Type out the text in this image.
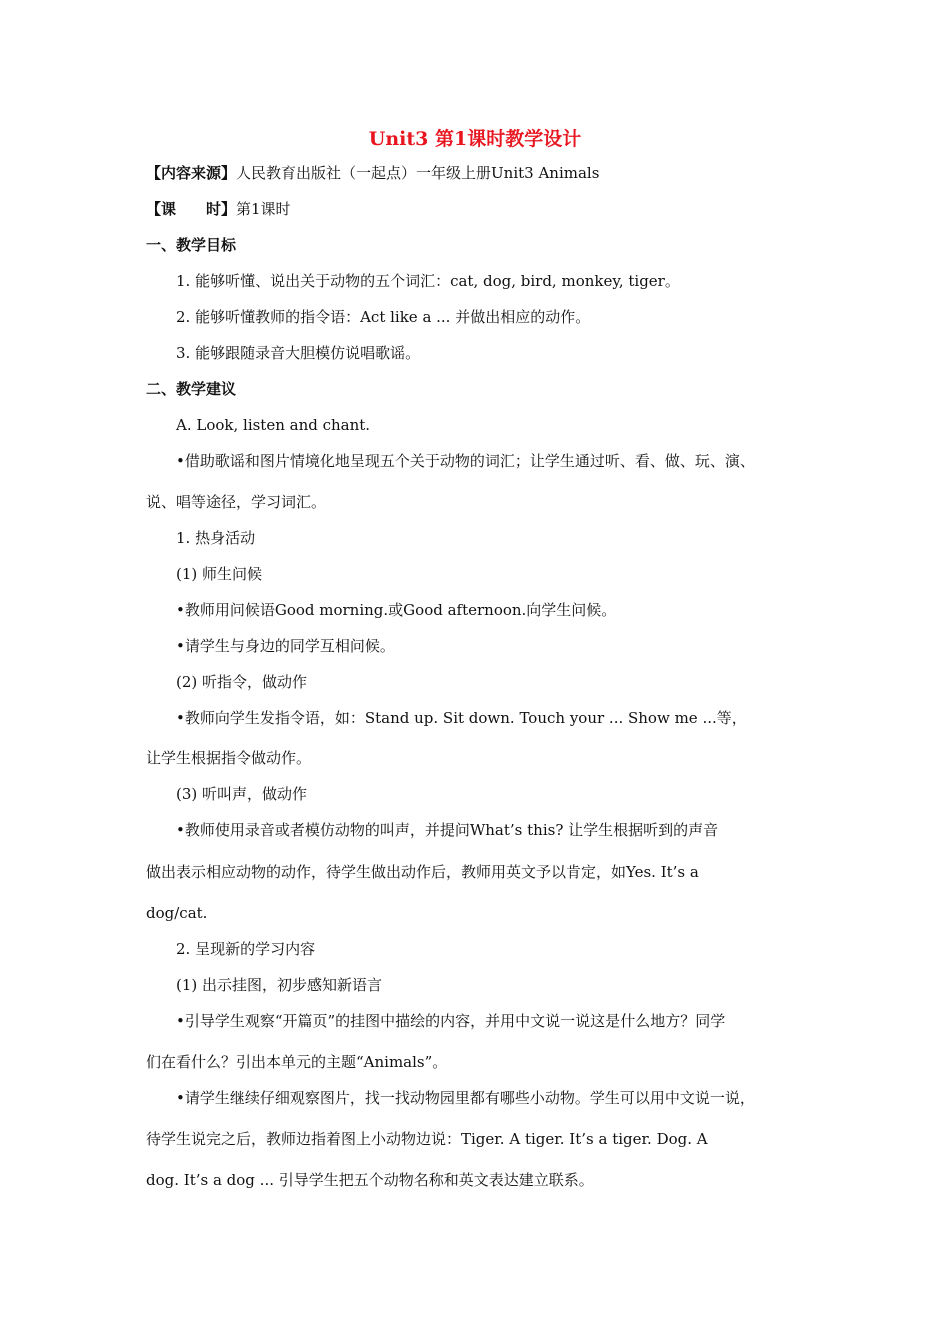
Unit3 第1课时教学设计
【内容来源】人民教育出版社（一起点）一年级上册Unit3 Animals
【课　　时】第1课时
一、教学目标
1. 能够听懂、说出关于动物的五个词汇：cat, dog, bird, monkey, tiger。
2. 能够听懂教师的指令语：Act like a ... 并做出相应的动作。
3. 能够跟随录音大胆模仿说唱歌谣。
二、教学建议
A. Look, listen and chant.
•借助歌谣和图片情境化地呈现五个关于动物的词汇；让学生通过听、看、做、玩、演、
说、唱等途径，学习词汇。
1. 热身活动
(1) 师生问候
•教师用问候语Good morning.或Good afternoon.向学生问候。
•请学生与身边的同学互相问候。
(2) 听指令，做动作
•教师向学生发指令语，如：Stand up. Sit down. Touch your ... Show me ...等，
让学生根据指令做动作。
(3) 听叫声，做动作
•教师使用录音或者模仿动物的叫声，并提问What’s this? 让学生根据听到的声音
做出表示相应动物的动作，待学生做出动作后，教师用英文予以肯定，如Yes. It’s a
dog/cat.
2. 呈现新的学习内容
(1) 出示挂图，初步感知新语言
•引导学生观察“开篇页”的挂图中描绘的内容，并用中文说一说这是什么地方？同学
们在看什么？引出本单元的主题“Animals”。
•请学生继续仔细观察图片，找一找动物园里都有哪些小动物。学生可以用中文说一说，
待学生说完之后，教师边指着图上小动物边说：Tiger. A tiger. It’s a tiger. Dog. A
dog. It’s a dog ... 引导学生把五个动物名称和英文表达建立联系。
